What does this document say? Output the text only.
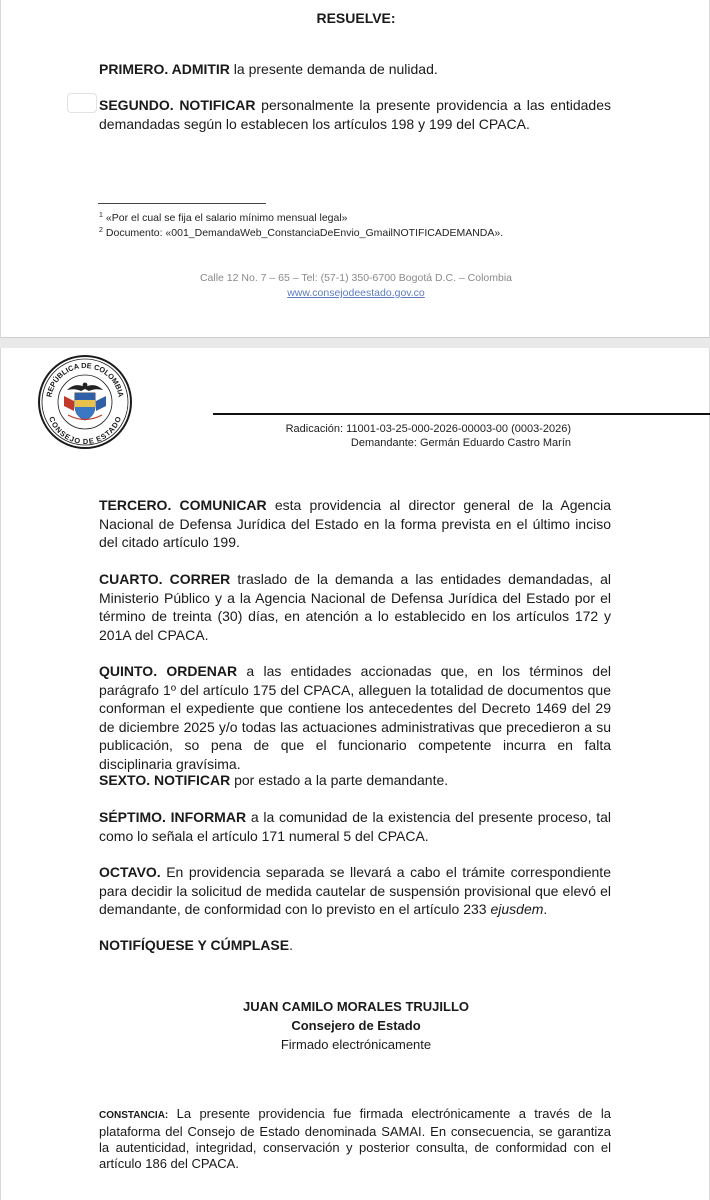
RESUELVE:

PRIMERO. ADMITIR la presente demanda de nulidad.

SEGUNDO. NOTIFICAR personalmente la presente providencia a las entidades demandadas según lo establecen los artículos 198 y 199 del CPACA.

$^1$ «Por el cual se fija el salario mínimo mensual legal»
$^2$ Documento: «001_DemandaWeb_ConstanciaDeEnvio_GmailNOTIFICADEMANDA».
Calle 12 No. 7 – 65 – Tel: (57-1) 350-6700 Bogotá D.C. – Colombia
www.consejodeestado.gov.co
REPÚBLICA DE COLOMBIA
CONSEJO DE ESTADO
Radicación: 11001-03-25-000-2026-00003-00 (0003-2026)
Demandante: Germán Eduardo Castro Marín

TERCERO. COMUNICAR esta providencia al director general de la Agencia Nacional de Defensa Jurídica del Estado en la forma prevista en el último inciso del citado artículo 199.

CUARTO. CORRER traslado de la demanda a las entidades demandadas, al Ministerio Público y a la Agencia Nacional de Defensa Jurídica del Estado por el término de treinta (30) días, en atención a lo establecido en los artículos 172 y 201A del CPACA.

QUINTO. ORDENAR a las entidades accionadas que, en los términos del parágrafo 1º del artículo 175 del CPACA, alleguen la totalidad de documentos que conforman el expediente que contiene los antecedentes del Decreto 1469 del 29 de diciembre 2025 y/o todas las actuaciones administrativas que precedieron a su publicación, so pena de que el funcionario competente incurra en falta disciplinaria gravísima.

SEXTO. NOTIFICAR por estado a la parte demandante.

SÉPTIMO. INFORMAR a la comunidad de la existencia del presente proceso, tal como lo señala el artículo 171 numeral 5 del CPACA.

OCTAVO. En providencia separada se llevará a cabo el trámite correspondiente para decidir la solicitud de medida cautelar de suspensión provisional que elevó el demandante, de conformidad con lo previsto en el artículo 233 ejusdem.

NOTIFÍQUESE Y CÚMPLASE.

JUAN CAMILO MORALES TRUJILLO
Consejero de Estado
Firmado electrónicamente

CONSTANCIA: La presente providencia fue firmada electrónicamente a través de la plataforma del Consejo de Estado denominada SAMAI. En consecuencia, se garantiza la autenticidad, integridad, conservación y posterior consulta, de conformidad con el artículo 186 del CPACA.
